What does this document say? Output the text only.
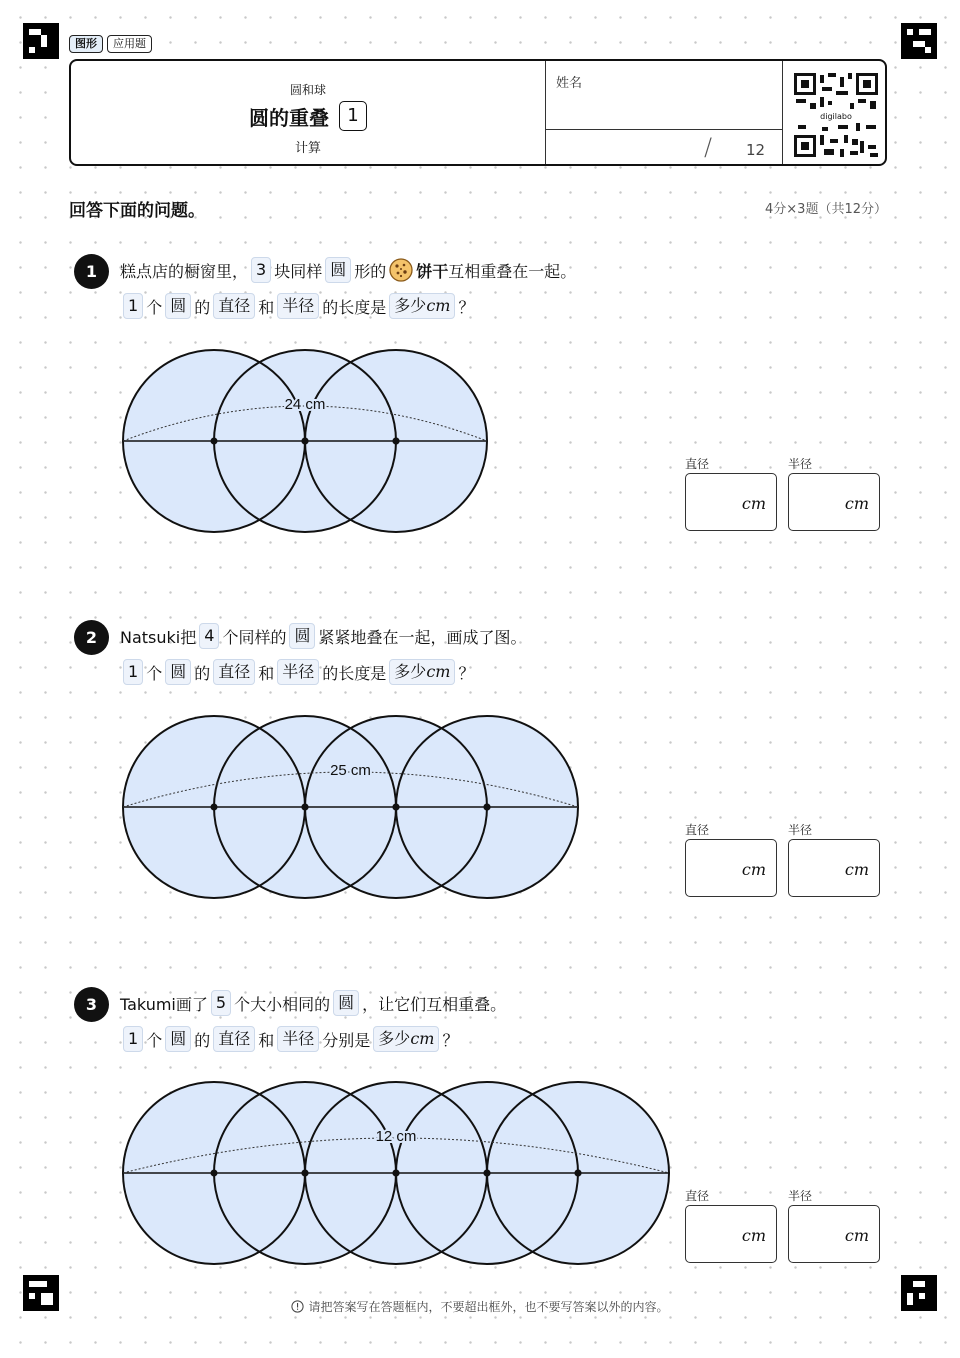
图形	应用题
圆和球
圆的重叠	1
计算
姓名
/ 12
digilabo
回答下面的问题。	4分×3题（共12分）
1	糕点店的橱窗里， 3 块同样 圆 形的 饼干 互相重叠在一起。
1 个 圆 的 直径 和 半径 的长度是 多少cm ？
24 cm
直径
cm
半径
cm
2	Natsuki把 4 个同样的 圆 紧紧地叠在一起，画成了图。
1 个 圆 的 直径 和 半径 的长度是 多少cm ？
25 cm
直径
cm
半径
cm
3	Takumi画了 5 个大小相同的 圆 ，让它们互相重叠。
1 个 圆 的 直径 和 半径 分别是 多少cm ？
12 cm
直径
cm
半径
cm
请把答案写在答题框内，不要超出框外，也不要写答案以外的内容。
